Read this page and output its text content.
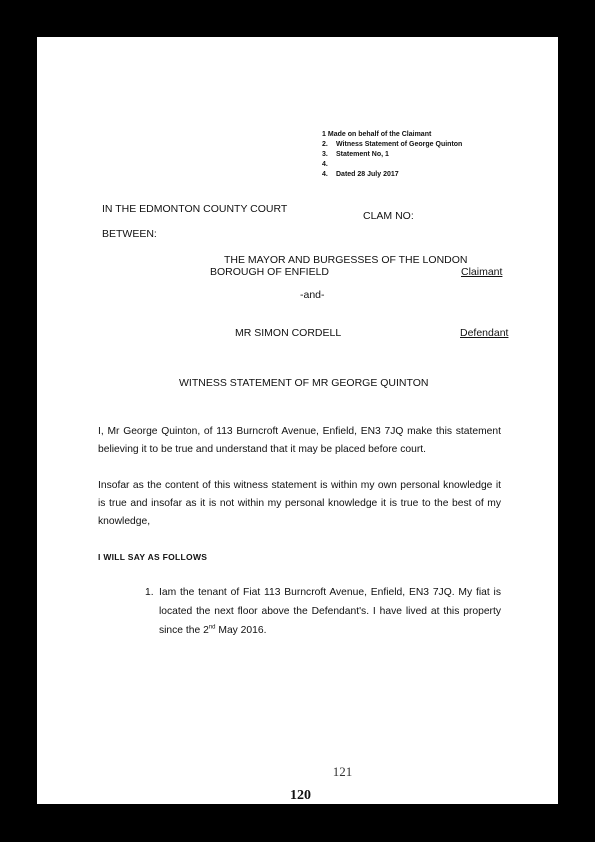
1 Made on behalf of the Claimant
2. Witness Statement of George Quinton
3. Statement No, 1
4.
4. Dated 28 July 2017
IN THE EDMONTON COUNTY COURT
CLAM NO:
BETWEEN:
THE MAYOR AND BURGESSES OF THE LONDON
BOROUGH OF ENFIELD	Claimant
-and-
MR SIMON CORDELL	Defendant
WITNESS STATEMENT OF MR GEORGE QUINTON
I, Mr George Quinton, of 113 Burncroft Avenue, Enfield, EN3 7JQ make this statement believing it to be true and understand that it may be placed before court.
Insofar as the content of this witness statement is within my own personal knowledge it is true and insofar as it is not within my personal knowledge it is true to the best of my knowledge,
I WILL SAY AS FOLLOWS
1. Iam the tenant of Fiat 113 Burncroft Avenue, Enfield, EN3 7JQ. My fiat is located the next floor above the Defendant's. I have lived at this property since the 2nd May 2016.
121
120
